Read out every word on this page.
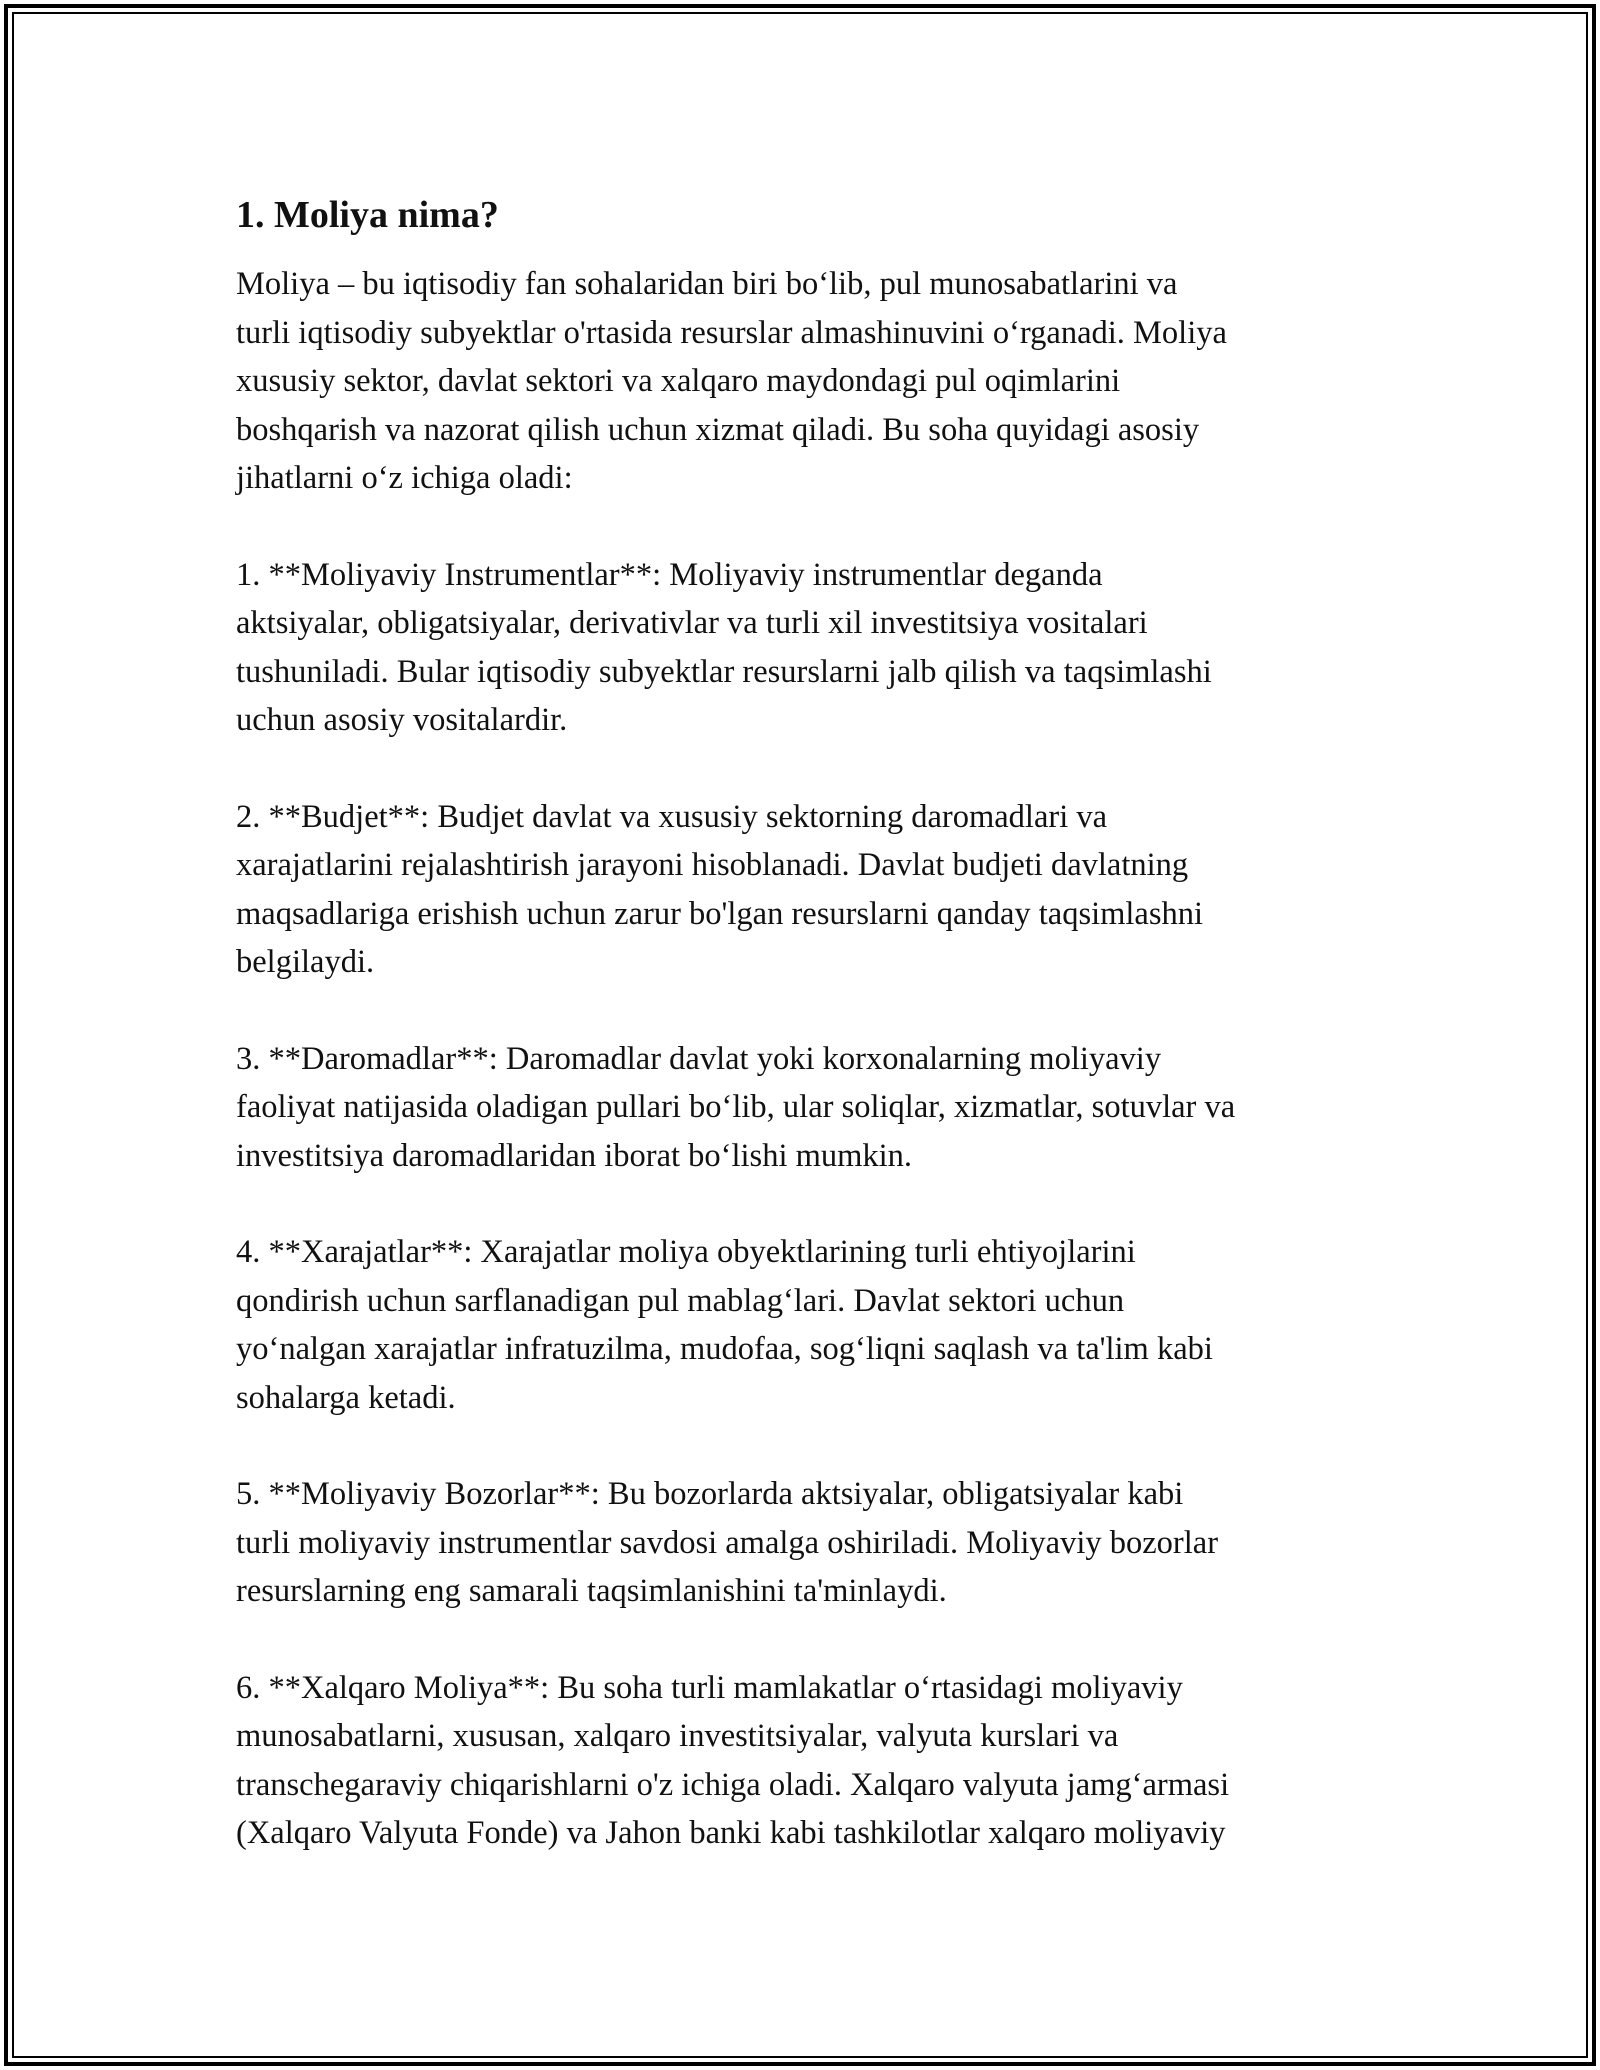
1. Moliya nima?
Moliya – bu iqtisodiy fan sohalaridan biri bo‘lib, pul munosabatlarini va
turli iqtisodiy subyektlar o'rtasida resurslar almashinuvini o‘rganadi. Moliya
xususiy sektor, davlat sektori va xalqaro maydondagi pul oqimlarini
boshqarish va nazorat qilish uchun xizmat qiladi. Bu soha quyidagi asosiy
jihatlarni o‘z ichiga oladi:
1. **Moliyaviy Instrumentlar**: Moliyaviy instrumentlar deganda
aktsiyalar, obligatsiyalar, derivativlar va turli xil investitsiya vositalari
tushuniladi. Bular iqtisodiy subyektlar resurslarni jalb qilish va taqsimlashi
uchun asosiy vositalardir.
2. **Budjet**: Budjet davlat va xususiy sektorning daromadlari va
xarajatlarini rejalashtirish jarayoni hisoblanadi. Davlat budjeti davlatning
maqsadlariga erishish uchun zarur bo'lgan resurslarni qanday taqsimlashni
belgilaydi.
3. **Daromadlar**: Daromadlar davlat yoki korxonalarning moliyaviy
faoliyat natijasida oladigan pullari bo‘lib, ular soliqlar, xizmatlar, sotuvlar va
investitsiya daromadlaridan iborat bo‘lishi mumkin.
4. **Xarajatlar**: Xarajatlar moliya obyektlarining turli ehtiyojlarini
qondirish uchun sarflanadigan pul mablag‘lari. Davlat sektori uchun
yo‘nalgan xarajatlar infratuzilma, mudofaa, sog‘liqni saqlash va ta'lim kabi
sohalarga ketadi.
5. **Moliyaviy Bozorlar**: Bu bozorlarda aktsiyalar, obligatsiyalar kabi
turli moliyaviy instrumentlar savdosi amalga oshiriladi. Moliyaviy bozorlar
resurslarning eng samarali taqsimlanishini ta'minlaydi.
6. **Xalqaro Moliya**: Bu soha turli mamlakatlar o‘rtasidagi moliyaviy
munosabatlarni, xususan, xalqaro investitsiyalar, valyuta kurslari va
transchegaraviy chiqarishlarni o'z ichiga oladi. Xalqaro valyuta jamg‘armasi
(Xalqaro Valyuta Fonde) va Jahon banki kabi tashkilotlar xalqaro moliyaviy
